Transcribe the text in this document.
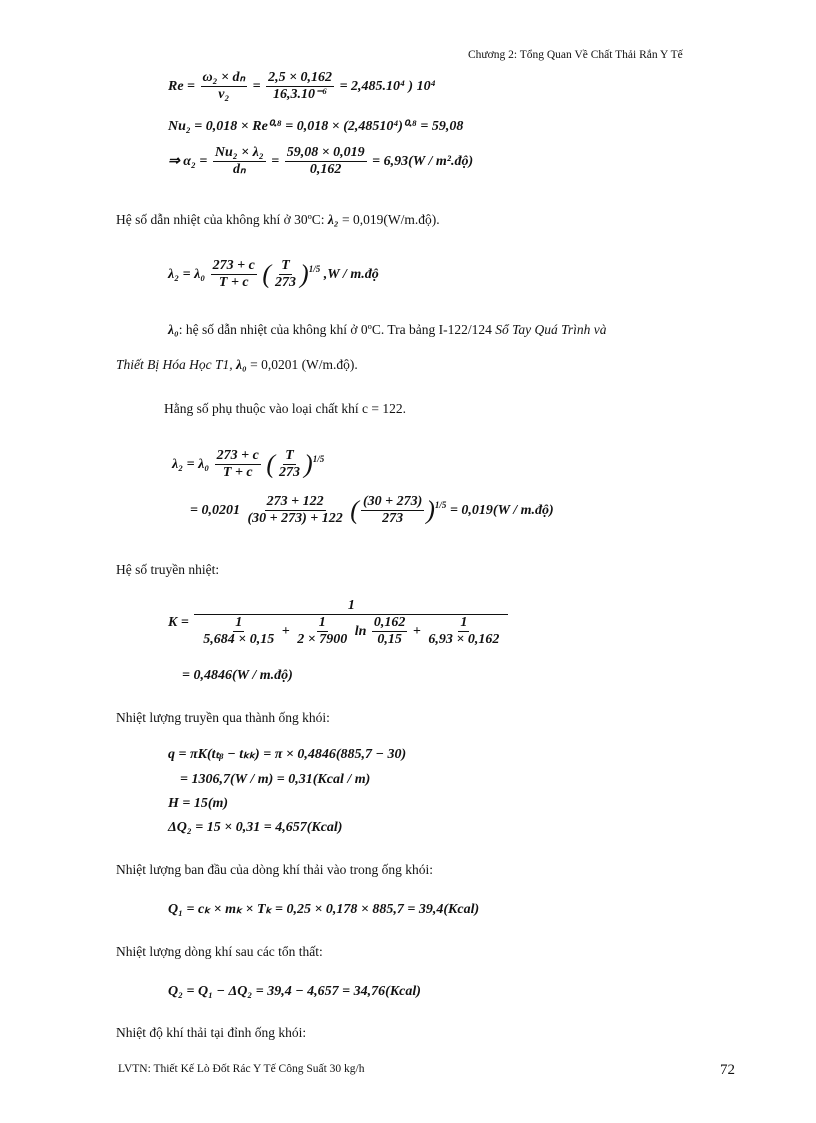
Chương 2: Tổng Quan Về Chất Thải Rắn Y Tế
$Re = \frac{\text{ω₂ × dₙ}}{\text{ν₂}} = \frac{2,5 \times 0,162}{\text{16,3.10⁻⁶}} = 2,485.10^4$ ) 10⁴
Nu₂ = 0,018 × Re⁰·⁸ = 0,018 × (2,48510⁴)⁰·⁸ = 59,08
⇒ $\alpha_2 = \frac{\text{Nu₂ × λ₂}}{\text{dₙ}} = \frac{59,08 \times 0,019}{0,162} = 6,93(W$ / m².độ)
Hệ số dẫn nhiệt của không khí ở 30ºC: λ₂ = 0,019(W/m.độ).
$\lambda_2 = \lambda_0 \frac{273 + c}{T + c}$ ( $\frac{T}{273} )^{1/5}$ ,W / m.độ
λ₀: hệ số dẫn nhiệt của không khí ở 0ºC. Tra bảng I-122/124 Sổ Tay Quá Trình và
Thiết Bị Hóa Học T1, λ₀ = 0,0201 (W/m.độ).
Hằng số phụ thuộc vào loại chất khí c = 122.
$\lambda_2 = \lambda_0 \frac{273 + c}{T + c}$ ( $\frac{T}{273} )^{1/5}$
= $0,0201 \frac{273 + 122}{(30 + 273) + 122}$ ( $\frac{(30 + 273)}{273} )^{1/5} = 0,019(W$ / m.độ)
Hệ số truyền nhiệt:
K =
1
$\frac{1}{5,684 \times 0,15} + \frac{1}{2 \times 7900}$ $\ln \frac{0,162}{0,15} + \frac{1}{6,93 \times 0,162}$
= 0,4846(W / m.độ)
Nhiệt lượng truyền qua thành ống khói:
q = πK(tₜᵦ − tₖₖ) = π × 0,4846(885,7 − 30)
= 1306,7(W / m) = 0,31(Kcal / m)
H = 15(m)
ΔQ₂ = 15 × 0,31 = 4,657(Kcal)
Nhiệt lượng ban đầu của dòng khí thải vào trong ống khói:
Q₁ = cₖ × mₖ × Tₖ = 0,25 × 0,178 × 885,7 = 39,4(Kcal)
Nhiệt lượng dòng khí sau các tổn thất:
Q₂ = Q₁ − ΔQ₂ = 39,4 − 4,657 = 34,76(Kcal)
Nhiệt độ khí thải tại đỉnh ống khói:
LVTN: Thiết Kế Lò Đốt Rác Y Tế Công Suất 30 kg/h	72
